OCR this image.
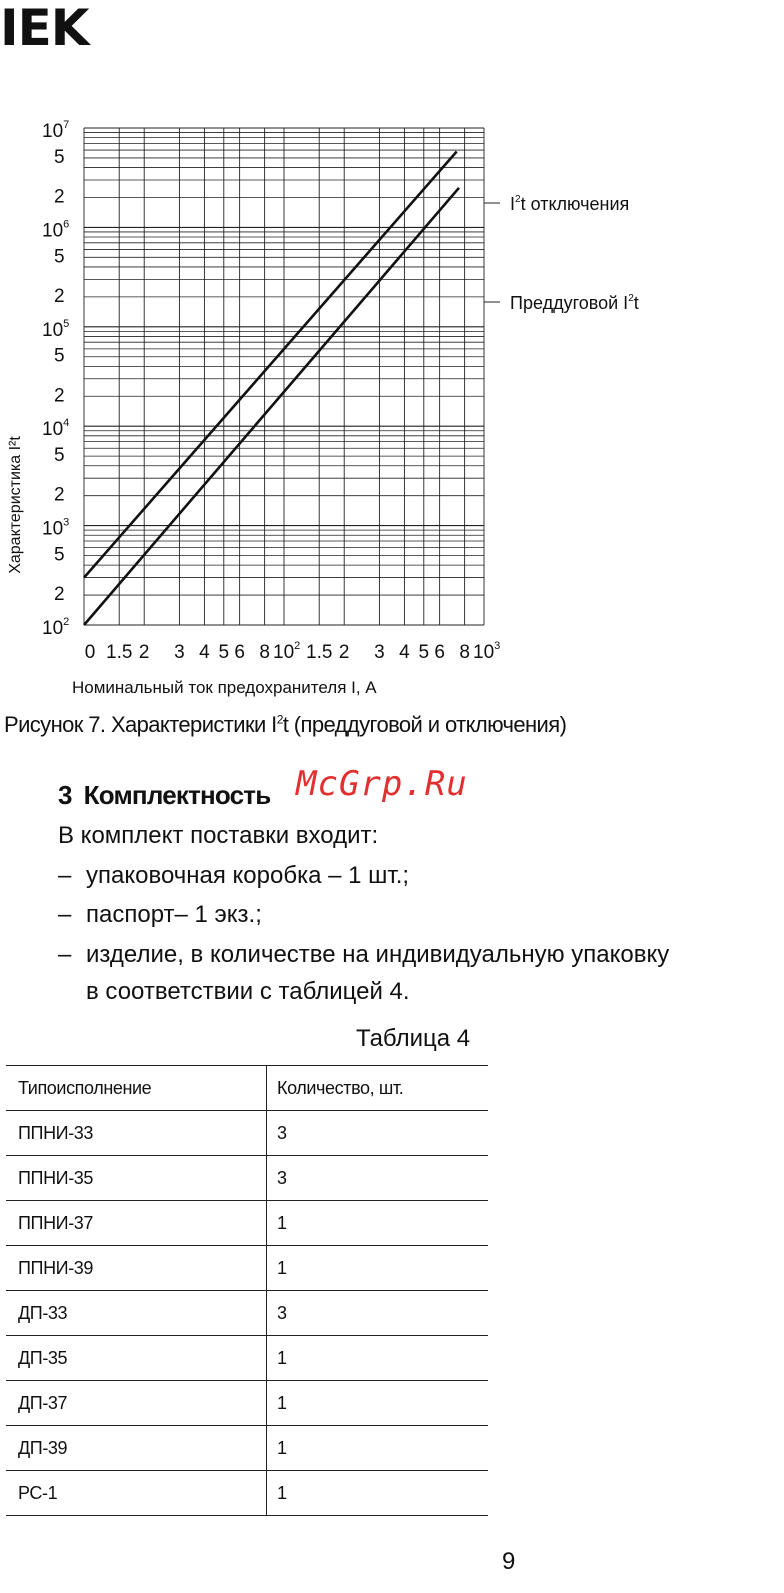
IEK
$10^2$
2
5
$10^3$
2
5
$10^4$
2
5
$10^5$
2
5
$10^6$
2
5
$10^7$
0 1.5 2 3 4 5 6 8 $10^2$ 1.5 2 3 4 5 6 8 $10^3$
$I^2t$ отключения
Преддуговой $I^2t$
Характеристика I²t
Номинальный ток предохранителя I, А
Рисунок 7. Характеристики $I^2t$ (преддуговой и отключения)
3 Комплектность McGrp.Ru
В комплект поставки входит:
– упаковочная коробка – 1 шт.;
– паспорт– 1 экз.;
– изделие, в количестве на индивидуальную упаковку
в соответствии с таблицей 4.
Таблица 4
Типоисполнение	Количество, шт.
ППНИ-33	3
ППНИ-35	3
ППНИ-37	1
ППНИ-39	1
ДП-33	3
ДП-35	1
ДП-37	1
ДП-39	1
РС-1	1
9
